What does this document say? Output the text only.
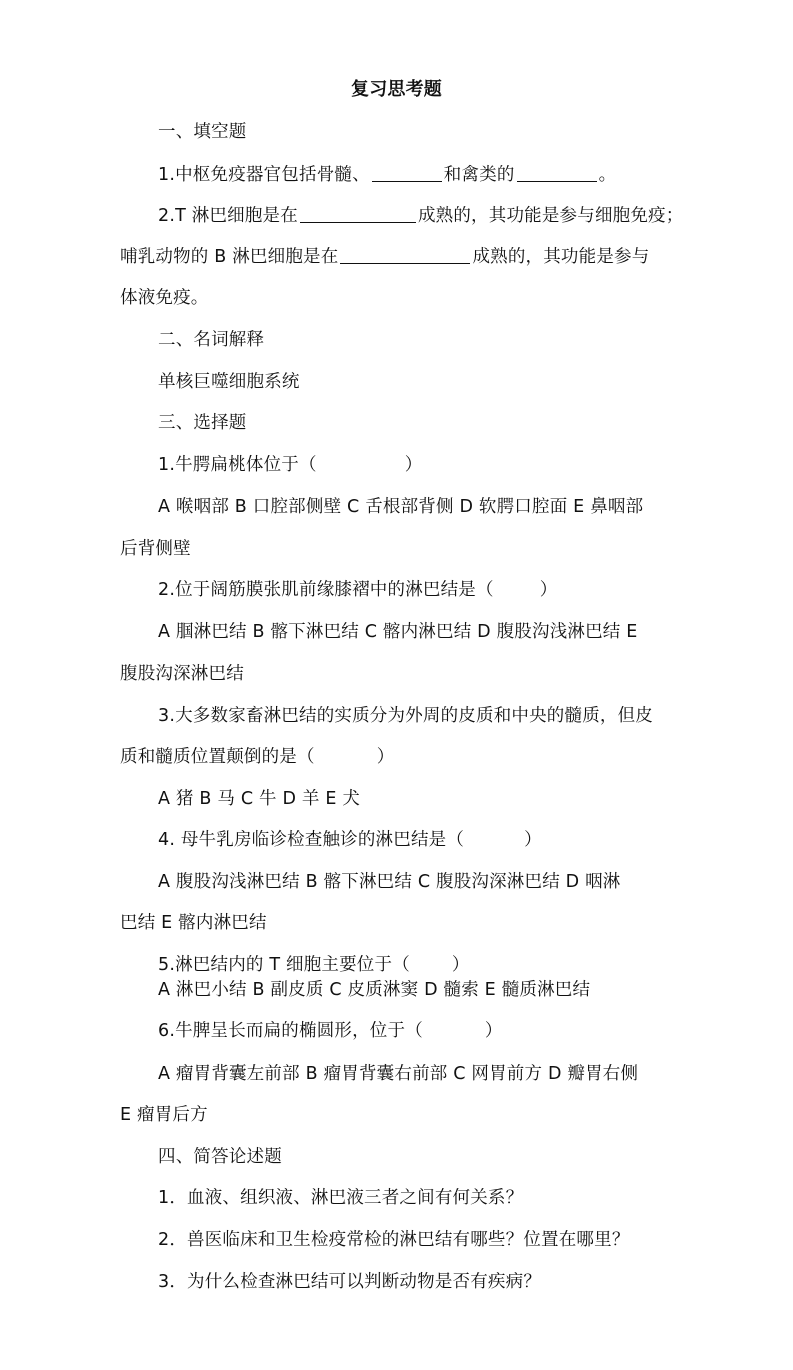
复习思考题
一、填空题
1.中枢免疫器官包括骨髓、	和禽类的	。
2.T 淋巴细胞是在	成熟的，其功能是参与细胞免疫；
哺乳动物的 B 淋巴细胞是在	成熟的，其功能是参与
体液免疫。
二、名词解释
单核巨噬细胞系统
三、选择题
1.牛腭扁桃体位于（	）
A 喉咽部 B 口腔部侧壁 C 舌根部背侧 D 软腭口腔面 E 鼻咽部
后背侧壁
2.位于阔筋膜张肌前缘膝褶中的淋巴结是（	）
A 腘淋巴结 B 髂下淋巴结 C 髂内淋巴结 D 腹股沟浅淋巴结 E
腹股沟深淋巴结
3.大多数家畜淋巴结的实质分为外周的皮质和中央的髓质，但皮
质和髓质位置颠倒的是（	）
A 猪 B 马 C 牛 D 羊 E 犬
4. 母牛乳房临诊检查触诊的淋巴结是（	）
A 腹股沟浅淋巴结 B 髂下淋巴结 C 腹股沟深淋巴结 D 咽淋
巴结 E 髂内淋巴结
5.淋巴结内的 T 细胞主要位于（ ）
A 淋巴小结 B 副皮质 C 皮质淋窦 D 髓索 E 髓质淋巴结
6.牛脾呈长而扁的椭圆形，位于（	）
A 瘤胃背囊左前部 B 瘤胃背囊右前部 C 网胃前方 D 瓣胃右侧
E 瘤胃后方
四、简答论述题
1．血液、组织液、淋巴液三者之间有何关系？
2．兽医临床和卫生检疫常检的淋巴结有哪些？位置在哪里？
3．为什么检查淋巴结可以判断动物是否有疾病？
